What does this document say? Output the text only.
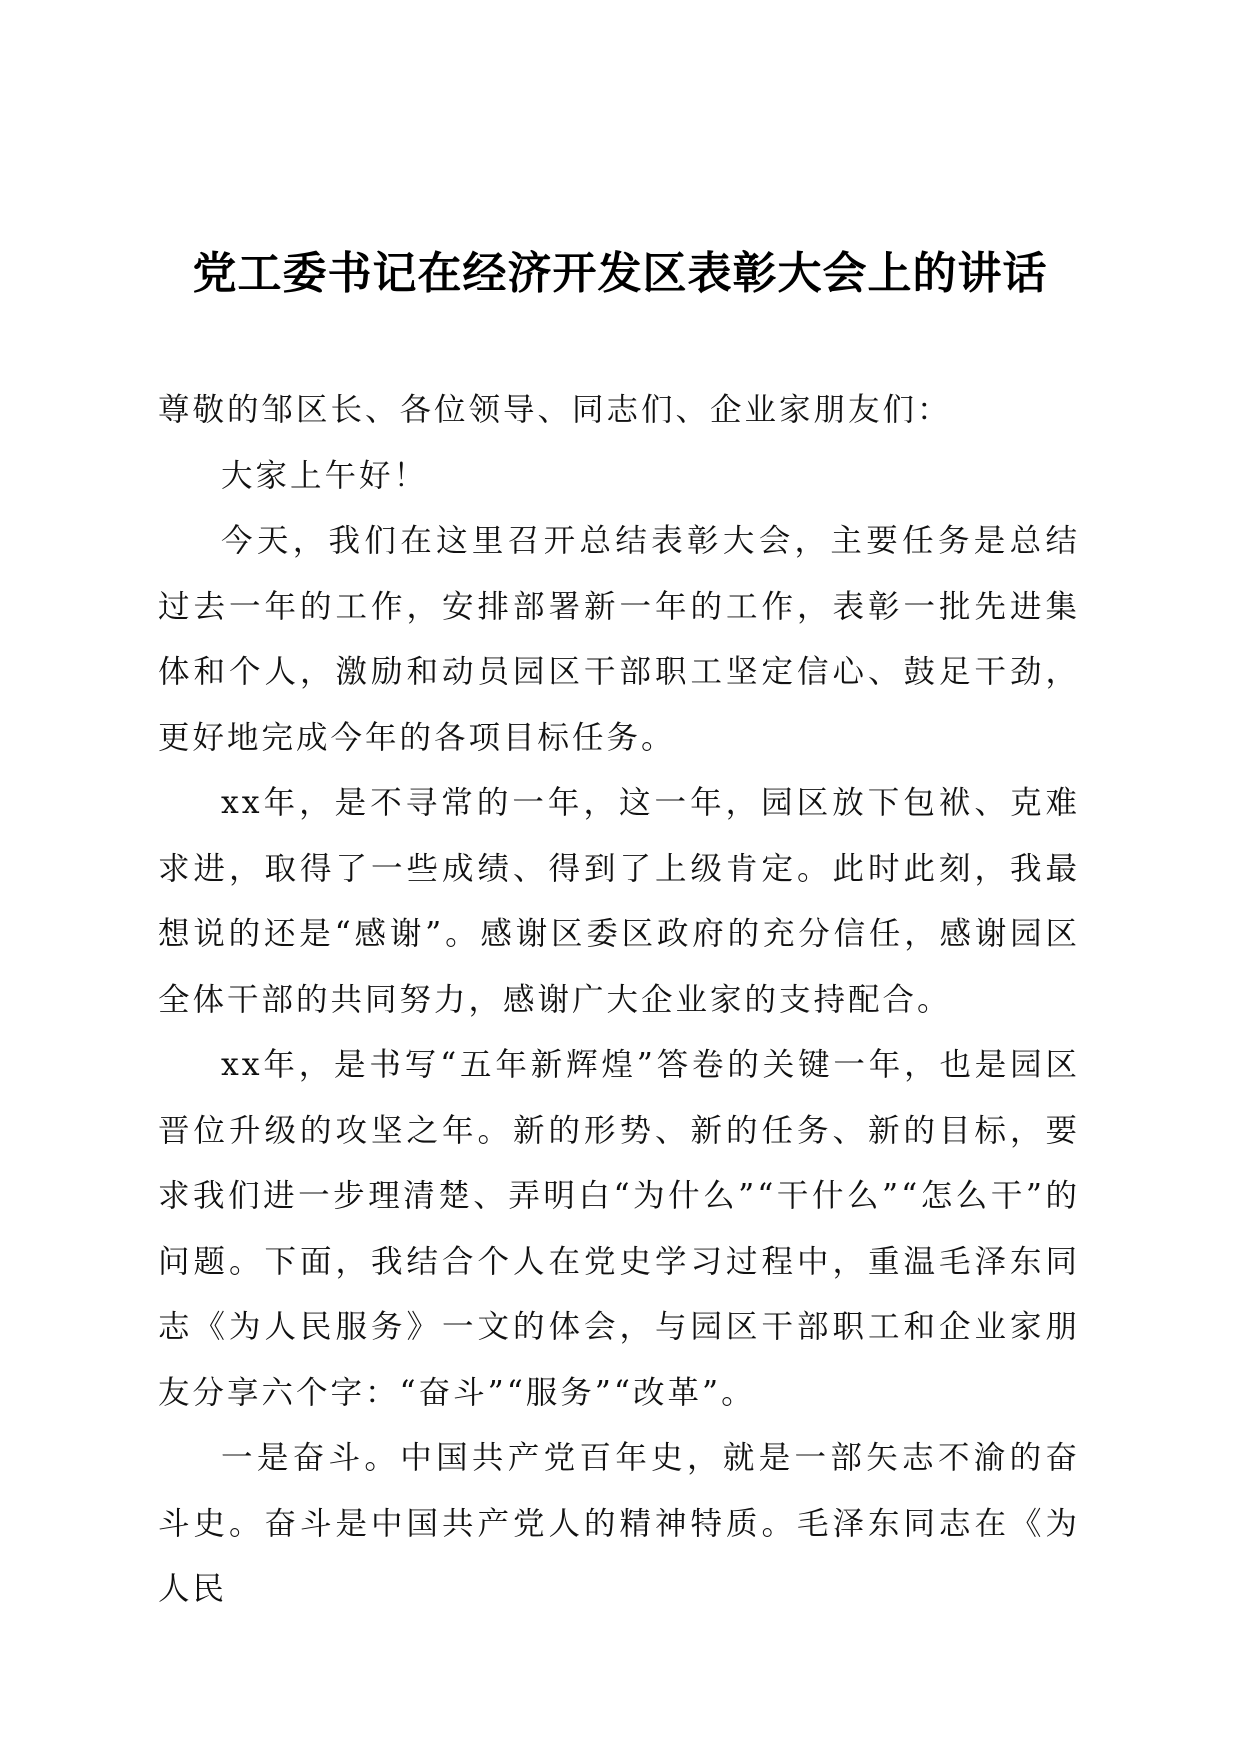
党工委书记在经济开发区表彰大会上的讲话

尊敬的邹区长、各位领导、同志们、企业家朋友们：

大家上午好！

今天，我们在这里召开总结表彰大会，主要任务是总结过去一年的工作，安排部署新一年的工作，表彰一批先进集体和个人，激励和动员园区干部职工坚定信心、鼓足干劲，更好地完成今年的各项目标任务。

xx年，是不寻常的一年，这一年，园区放下包袱、克难求进，取得了一些成绩、得到了上级肯定。此时此刻，我最想说的还是“感谢”。感谢区委区政府的充分信任，感谢园区全体干部的共同努力，感谢广大企业家的支持配合。

xx年，是书写“五年新辉煌”答卷的关键一年，也是园区晋位升级的攻坚之年。新的形势、新的任务、新的目标，要求我们进一步理清楚、弄明白“为什么”“干什么”“怎么干”的问题。下面，我结合个人在党史学习过程中，重温毛泽东同志《为人民服务》一文的体会，与园区干部职工和企业家朋友分享六个字：“奋斗”“服务”“改革”。

一是奋斗。中国共产党百年史，就是一部矢志不渝的奋斗史。奋斗是中国共产党人的精神特质。毛泽东同志在《为人民
